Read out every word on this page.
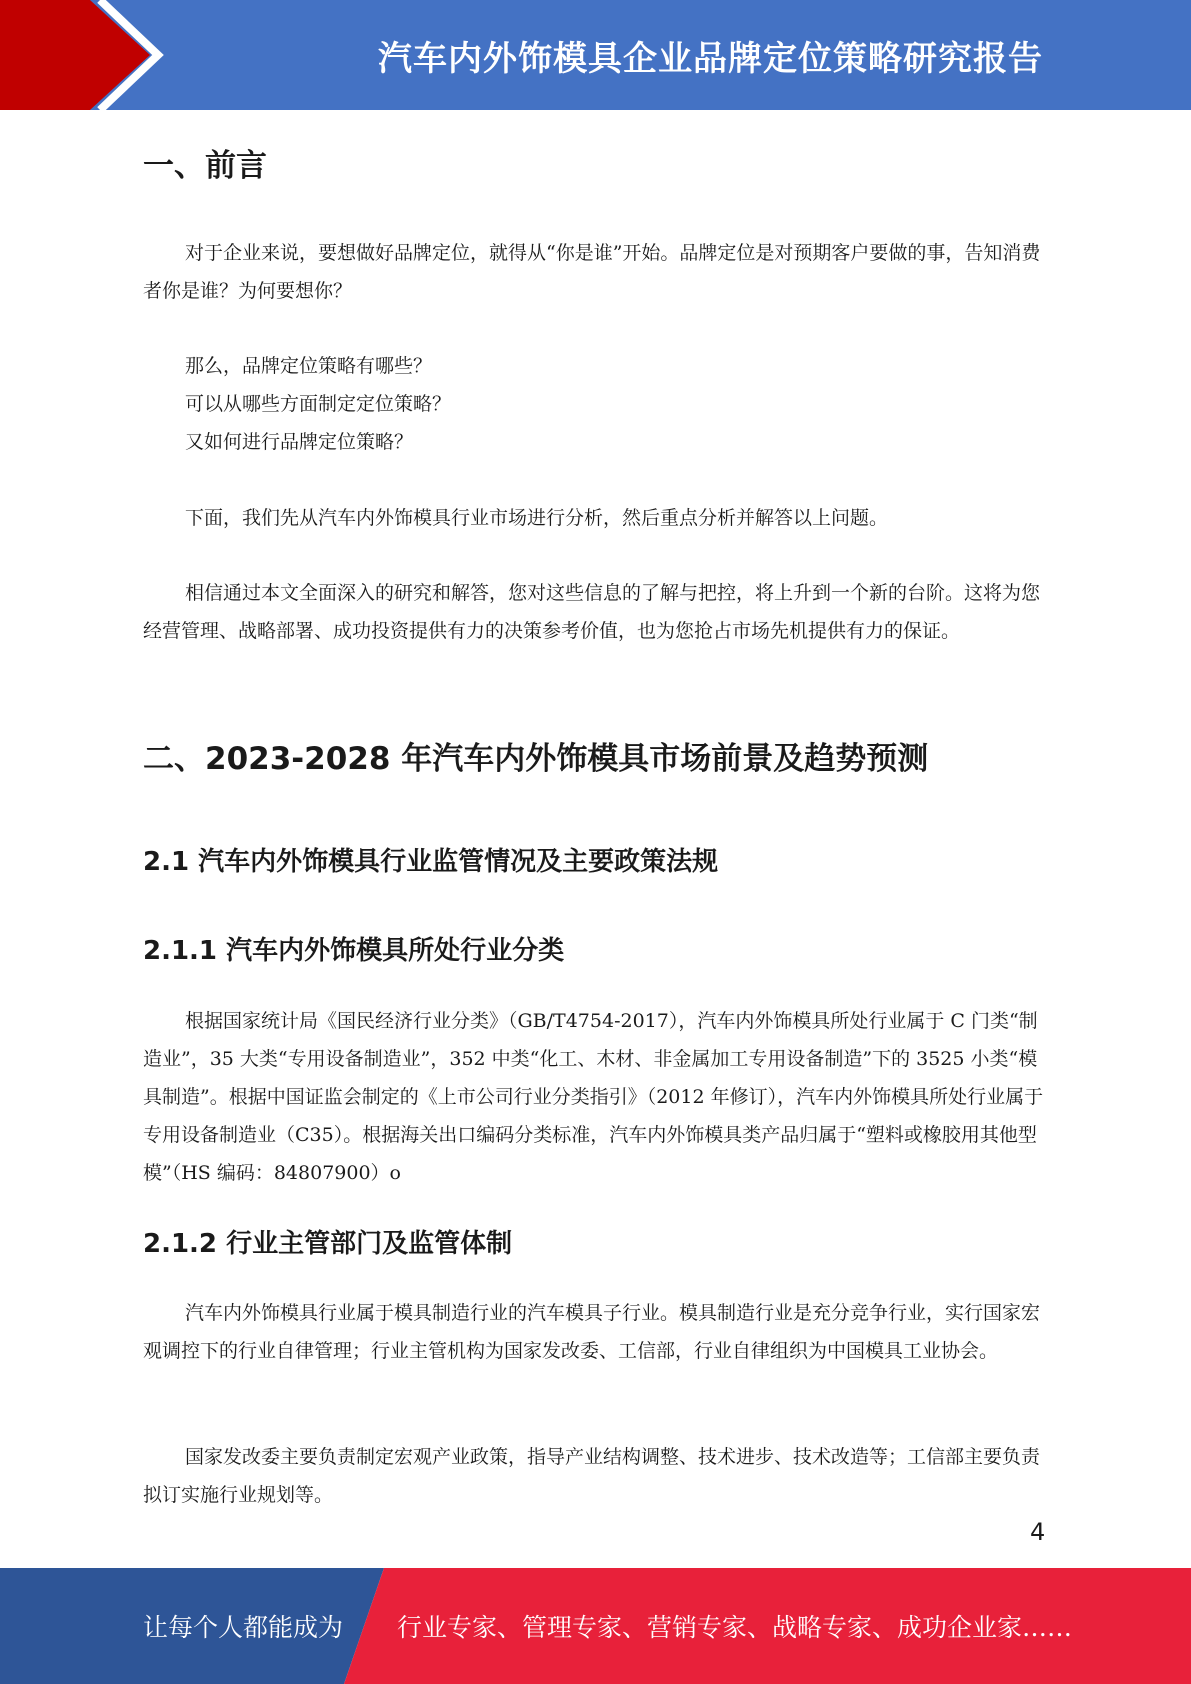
汽车内外饰模具企业品牌定位策略研究报告
一、前言

对于企业来说，要想做好品牌定位，就得从“你是谁”开始。品牌定位是对预期客户要做的事，告知消费者你是谁？为何要想你？

那么，品牌定位策略有哪些？

可以从哪些方面制定定位策略？

又如何进行品牌定位策略？

下面，我们先从汽车内外饰模具行业市场进行分析，然后重点分析并解答以上问题。

相信通过本文全面深入的研究和解答，您对这些信息的了解与把控，将上升到一个新的台阶。这将为您经营管理、战略部署、成功投资提供有力的决策参考价值，也为您抢占市场先机提供有力的保证。

二、2023-2028 年汽车内外饰模具市场前景及趋势预测
2.1 汽车内外饰模具行业监管情况及主要政策法规
2.1.1 汽车内外饰模具所处行业分类

根据国家统计局《国民经济行业分类》（GB/T4754-2017），汽车内外饰模具所处行业属于 C 门类“制造业”，35 大类“专用设备制造业”，352 中类“化工、木材、非金属加工专用设备制造”下的 3525 小类“模具制造”。根据中国证监会制定的《上市公司行业分类指引》（2012 年修订），汽车内外饰模具所处行业属于专用设备制造业（C35）。根据海关出口编码分类标准，汽车内外饰模具类产品归属于“塑料或橡胶用其他型模”（HS 编码：84807900）o

2.1.2 行业主管部门及监管体制

汽车内外饰模具行业属于模具制造行业的汽车模具子行业。模具制造行业是充分竞争行业，实行国家宏观调控下的行业自律管理；行业主管机构为国家发改委、工信部，行业自律组织为中国模具工业协会。

国家发改委主要负责制定宏观产业政策，指导产业结构调整、技术进步、技术改造等；工信部主要负责拟订实施行业规划等。

4
让每个人都能成为 行业专家、管理专家、营销专家、战略专家、成功企业家……
